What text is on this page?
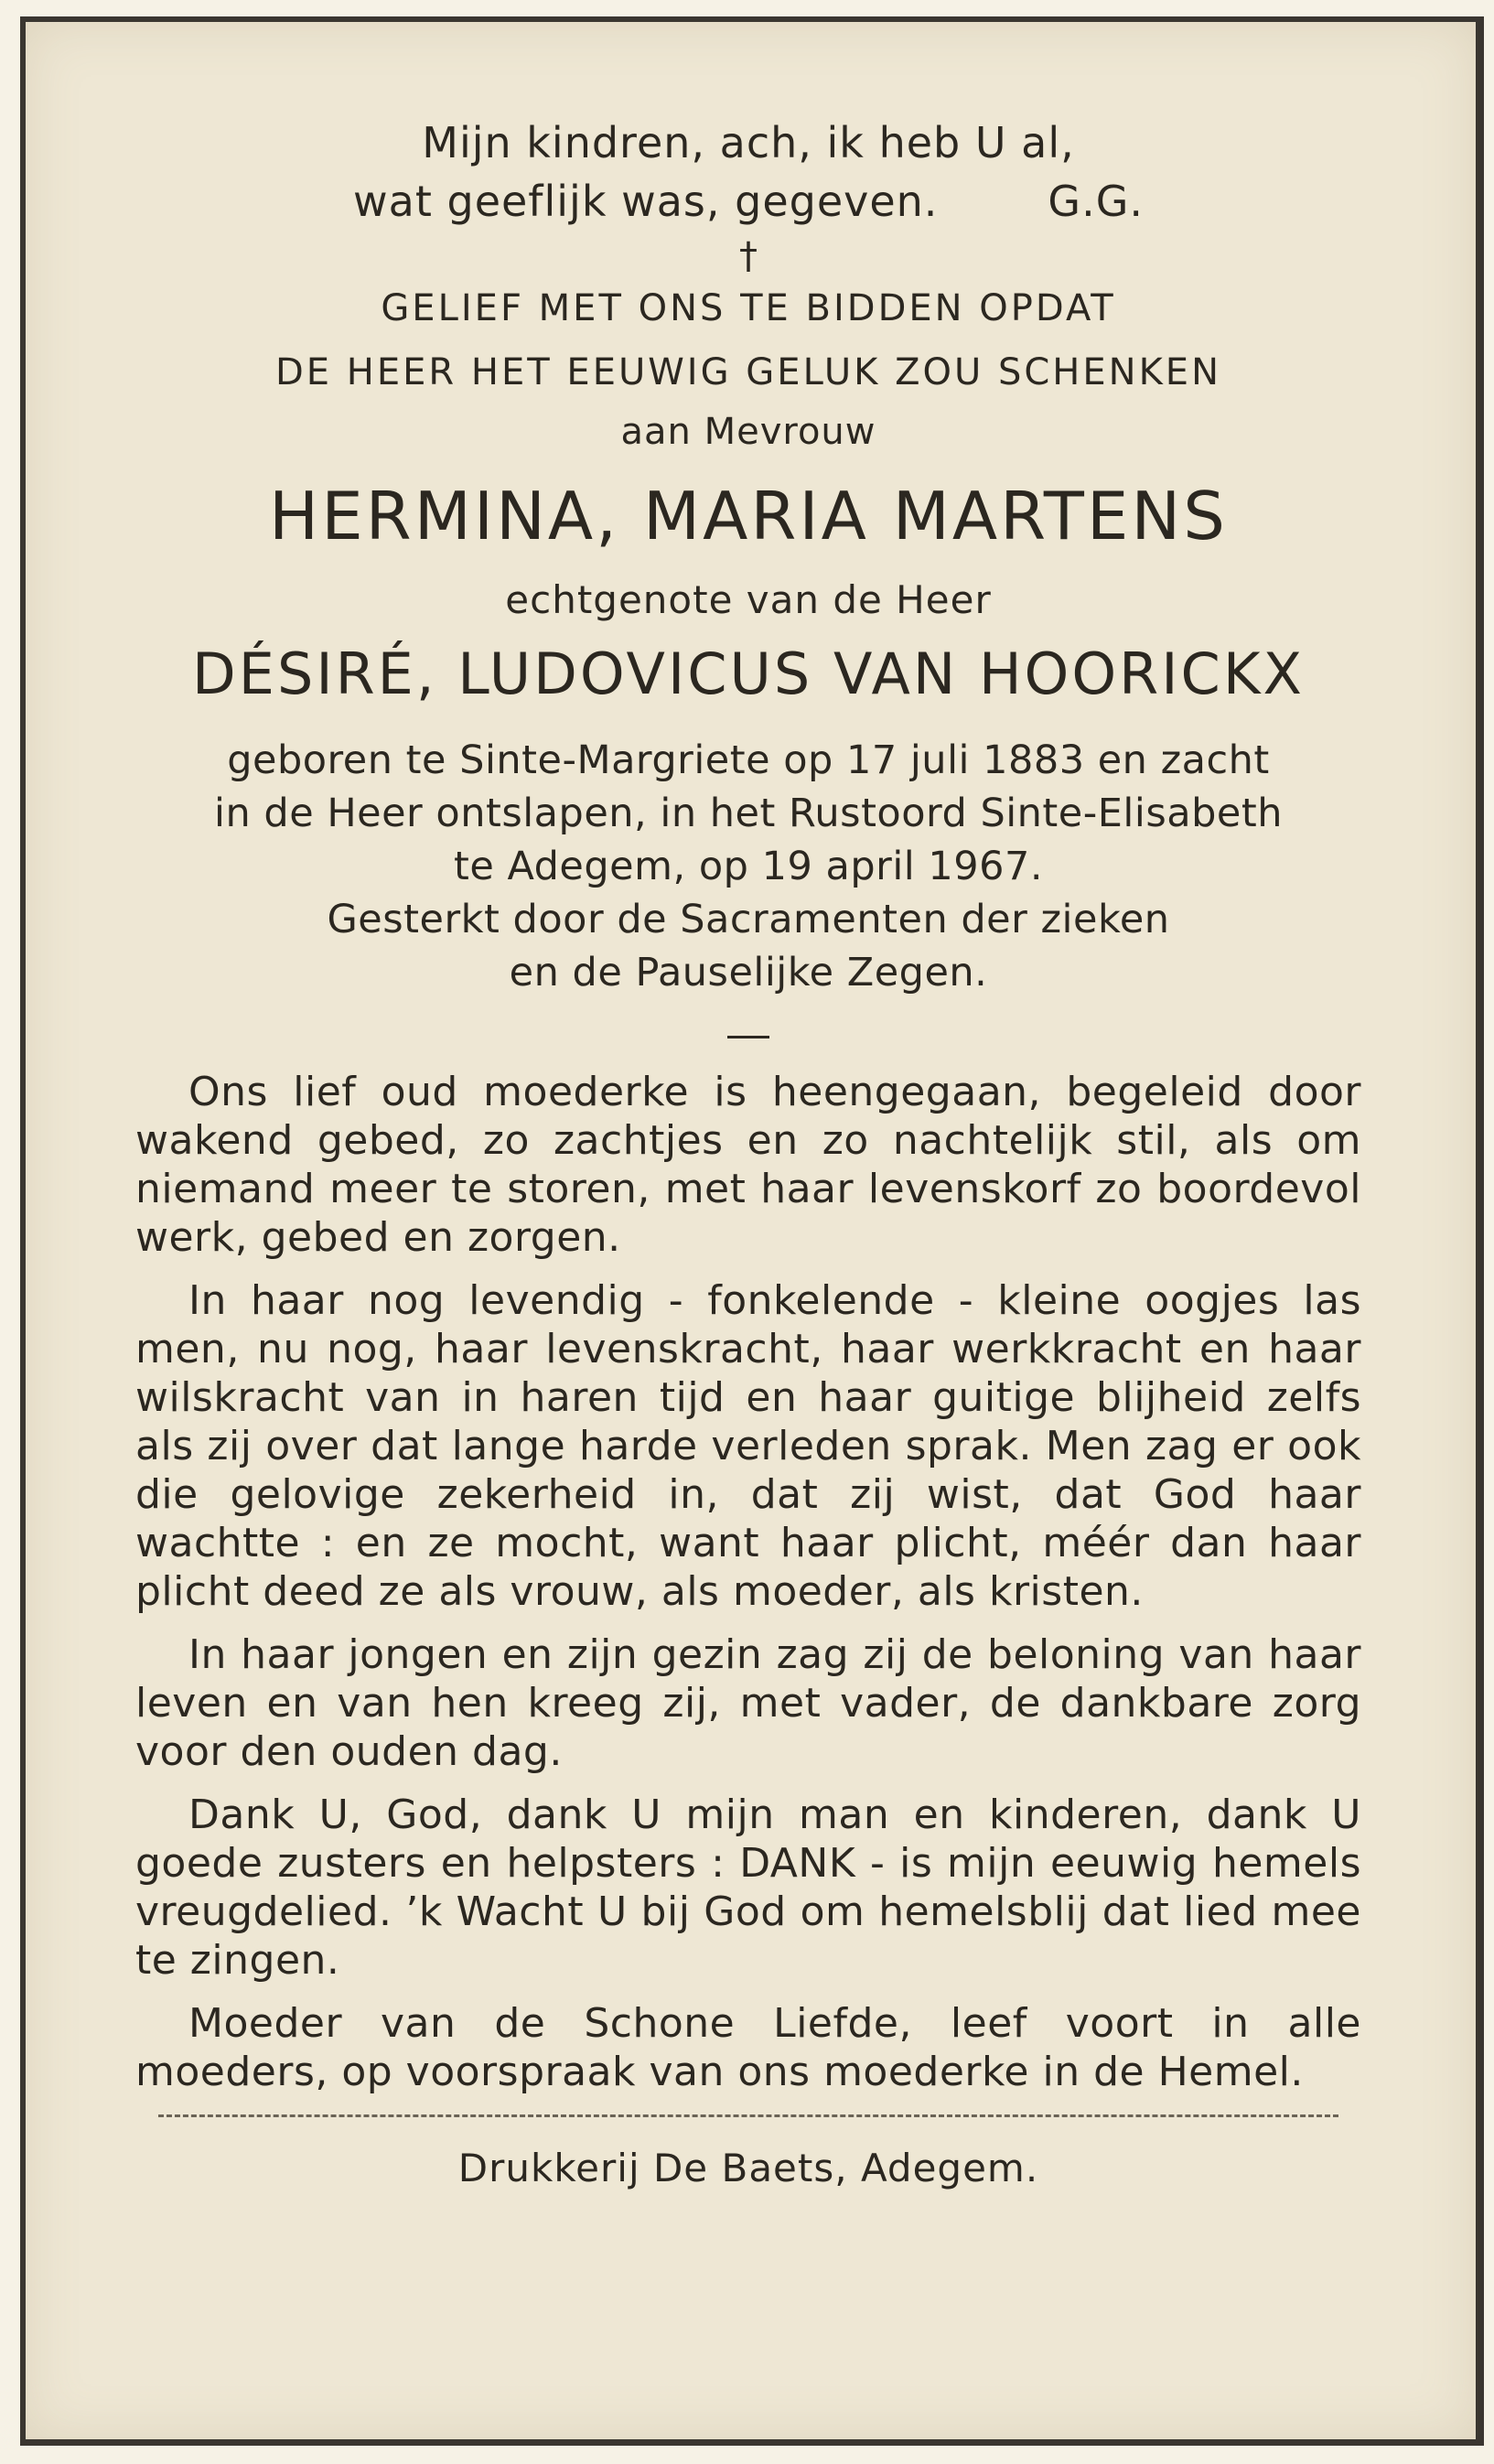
Mijn kindren, ach, ik heb U al,
wat geeflijk was, gegeven.	G.G.
†
GELIEF MET ONS TE BIDDEN OPDAT
DE HEER HET EEUWIG GELUK ZOU SCHENKEN
aan Mevrouw
HERMINA, MARIA MARTENS
echtgenote van de Heer
DÉSIRÉ, LUDOVICUS VAN HOORICKX
geboren te Sinte-Margriete op 17 juli 1883 en zacht
in de Heer ontslapen, in het Rustoord Sinte-Elisabeth
te Adegem, op 19 april 1967.
Gesterkt door de Sacramenten der zieken
en de Pauselijke Zegen.

Ons lief oud moederke is heengegaan, begeleid door wakend gebed, zo zachtjes en zo nachtelijk stil, als om niemand meer te storen, met haar levenskorf zo boordevol werk, gebed en zorgen.

In haar nog levendig - fonkelende - kleine oogjes las men, nu nog, haar levenskracht, haar werkkracht en haar wilskracht van in haren tijd en haar guitige blijheid zelfs als zij over dat lange harde verleden sprak. Men zag er ook die gelovige zekerheid in, dat zij wist, dat God haar wachtte : en ze mocht, want haar plicht, méér dan haar plicht deed ze als vrouw, als moeder, als kristen.

In haar jongen en zijn gezin zag zij de beloning van haar leven en van hen kreeg zij, met vader, de dankbare zorg voor den ouden dag.

Dank U, God, dank U mijn man en kinderen, dank U goede zusters en helpsters : DANK - is mijn eeuwig hemels vreugdelied. ’k Wacht U bij God om hemelsblij dat lied mee te zingen.

Moeder van de Schone Liefde, leef voort in alle moeders, op voorspraak van ons moederke in de Hemel.

Drukkerij De Baets, Adegem.
